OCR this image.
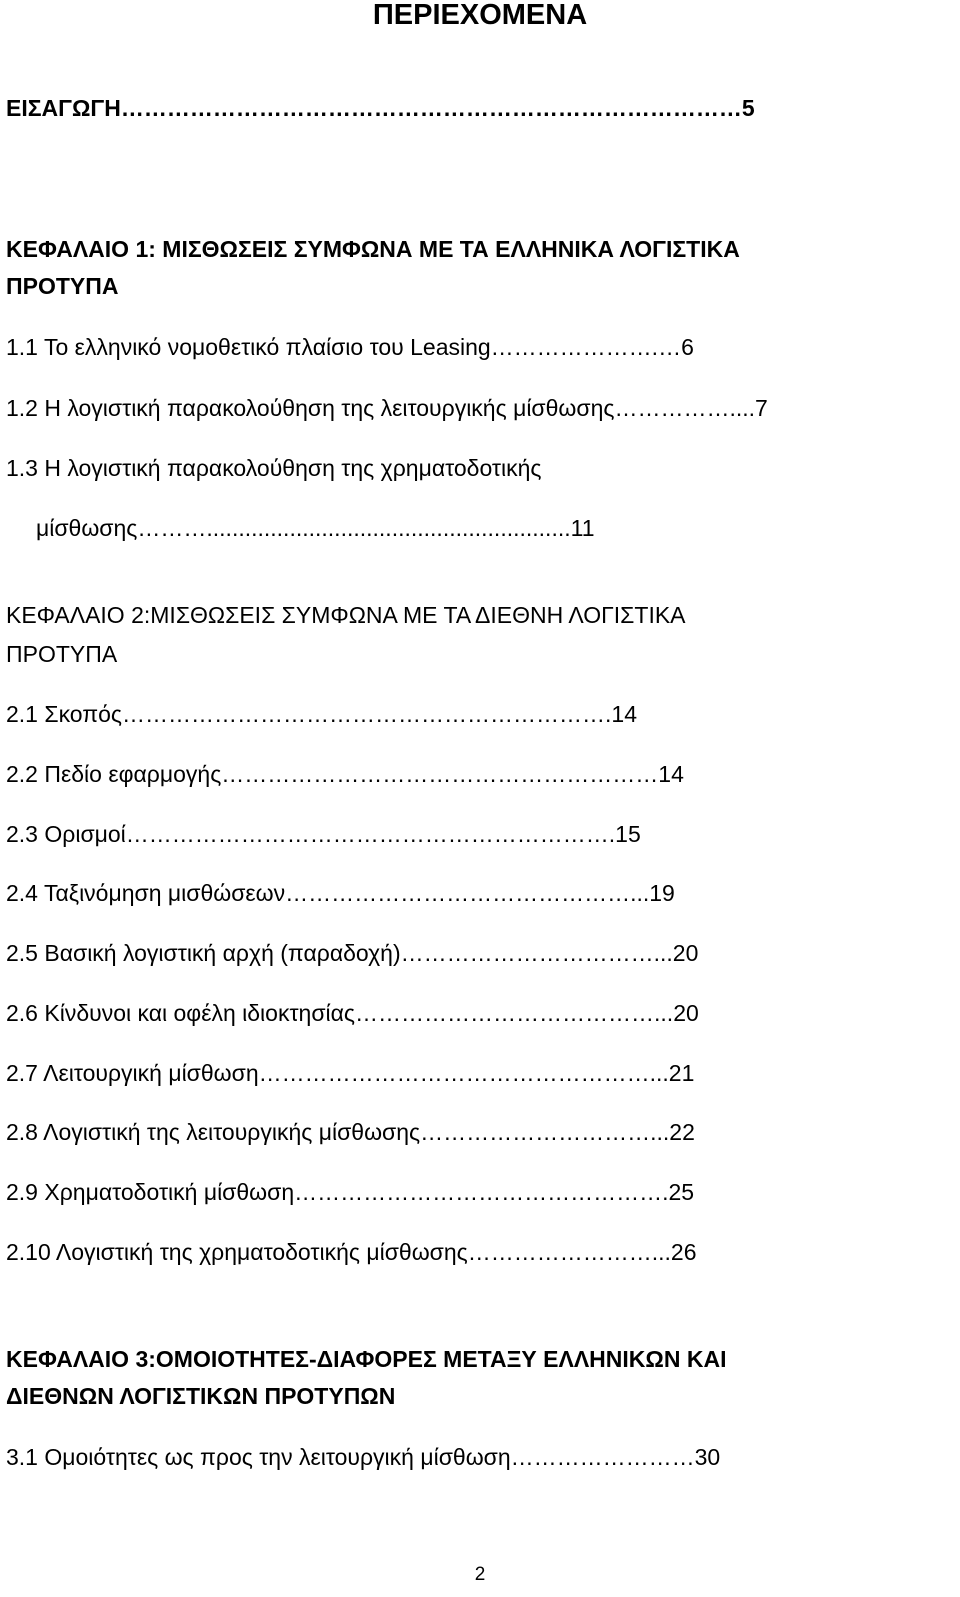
ΠΕΡΙΕΧΟΜΕΝΑ
ΕΙΣΑΓΩΓΗ………………………………………………………………………5
ΚΕΦΑΛΑΙΟ 1: ΜΙΣΘΩΣΕΙΣ ΣΥΜΦΩΝΑ ΜΕ ΤΑ ΕΛΛΗΝΙΚΑ ΛΟΓΙΣΤΙΚΑ
ΠΡΟΤΥΠΑ
1.1 Το ελληνικό νομοθετικό πλαίσιο του Leasing………………….…6
1.2 Η λογιστική παρακολούθηση της λειτουργικής μίσθωσης……………....7
1.3 Η λογιστική παρακολούθηση της χρηματοδοτικής
μίσθωσης……….........................................................11
ΚΕΦΑΛΑΙΟ 2:ΜΙΣΘΩΣΕΙΣ ΣΥΜΦΩΝΑ ΜΕ ΤΑ ΔΙΕΘΝΗ ΛΟΓΙΣΤΙΚΑ
ΠΡΟΤΥΠΑ
2.1 Σκοπός……………………………………………………….14
2.2 Πεδίο εφαρμογής…………………………………………………14
2.3 Ορισμοί……………………………………………………….15
2.4 Ταξινόμηση μισθώσεων………………………………………...19
2.5 Βασική λογιστική αρχή (παραδοχή)……………………………...20
2.6 Κίνδυνοι και οφέλη ιδιοκτησίας…………………………………...20
2.7 Λειτουργική μίσθωση……………………………………………...21
2.8 Λογιστική της λειτουργικής μίσθωσης…………………………...22
2.9 Χρηματοδοτική μίσθωση………………………………………….25
2.10 Λογιστική της χρηματοδοτικής μίσθωσης……………………...26
ΚΕΦΑΛΑΙΟ 3:ΟΜΟΙΟΤΗΤΕΣ-ΔΙΑΦΟΡΕΣ ΜΕΤΑΞΥ ΕΛΛΗΝΙΚΩΝ ΚΑΙ
ΔΙΕΘΝΩΝ ΛΟΓΙΣΤΙΚΩΝ ΠΡΟΤΥΠΩΝ
3.1 Ομοιότητες ως προς την λειτουργική μίσθωση……………………30
2
